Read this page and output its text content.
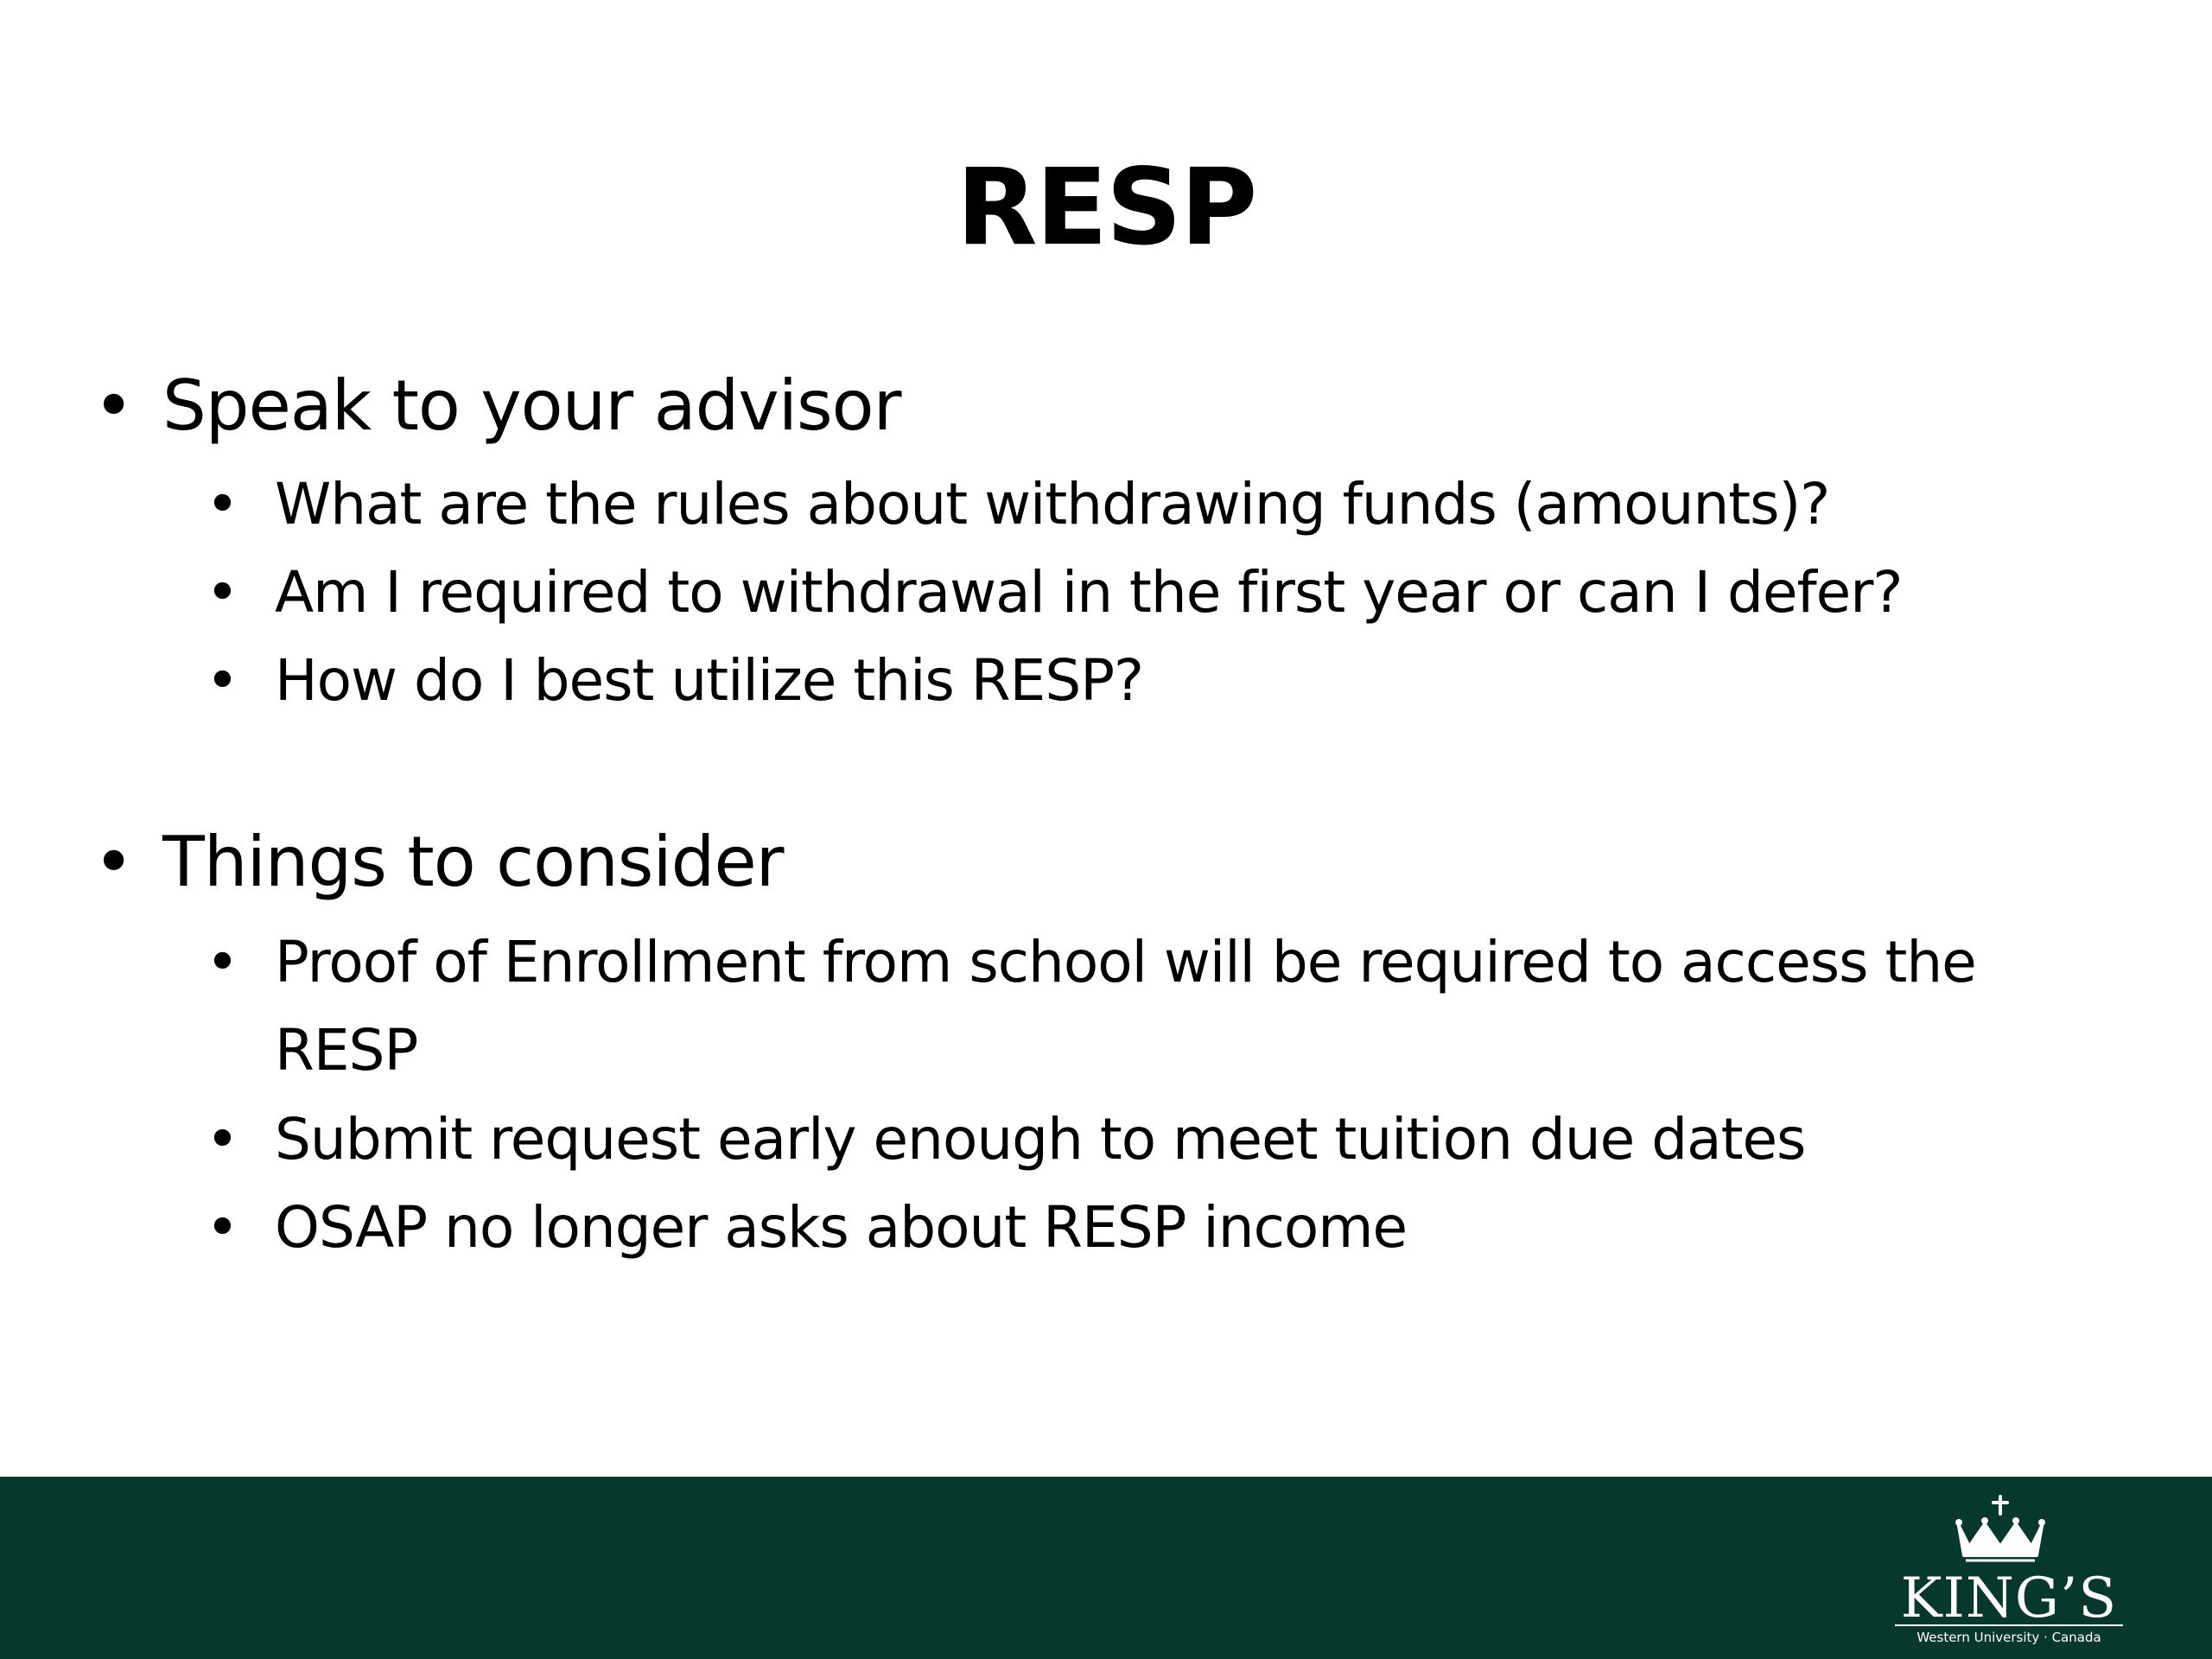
RESP
• Speak to your advisor
• What are the rules about withdrawing funds (amounts)?
• Am I required to withdrawal in the first year or can I defer?
• How do I best utilize this RESP?
• Things to consider
• Proof of Enrollment from school will be required to access the RESP
• Submit request early enough to meet tuition due dates
• OSAP no longer asks about RESP income
KING’S
Western University · Canada
